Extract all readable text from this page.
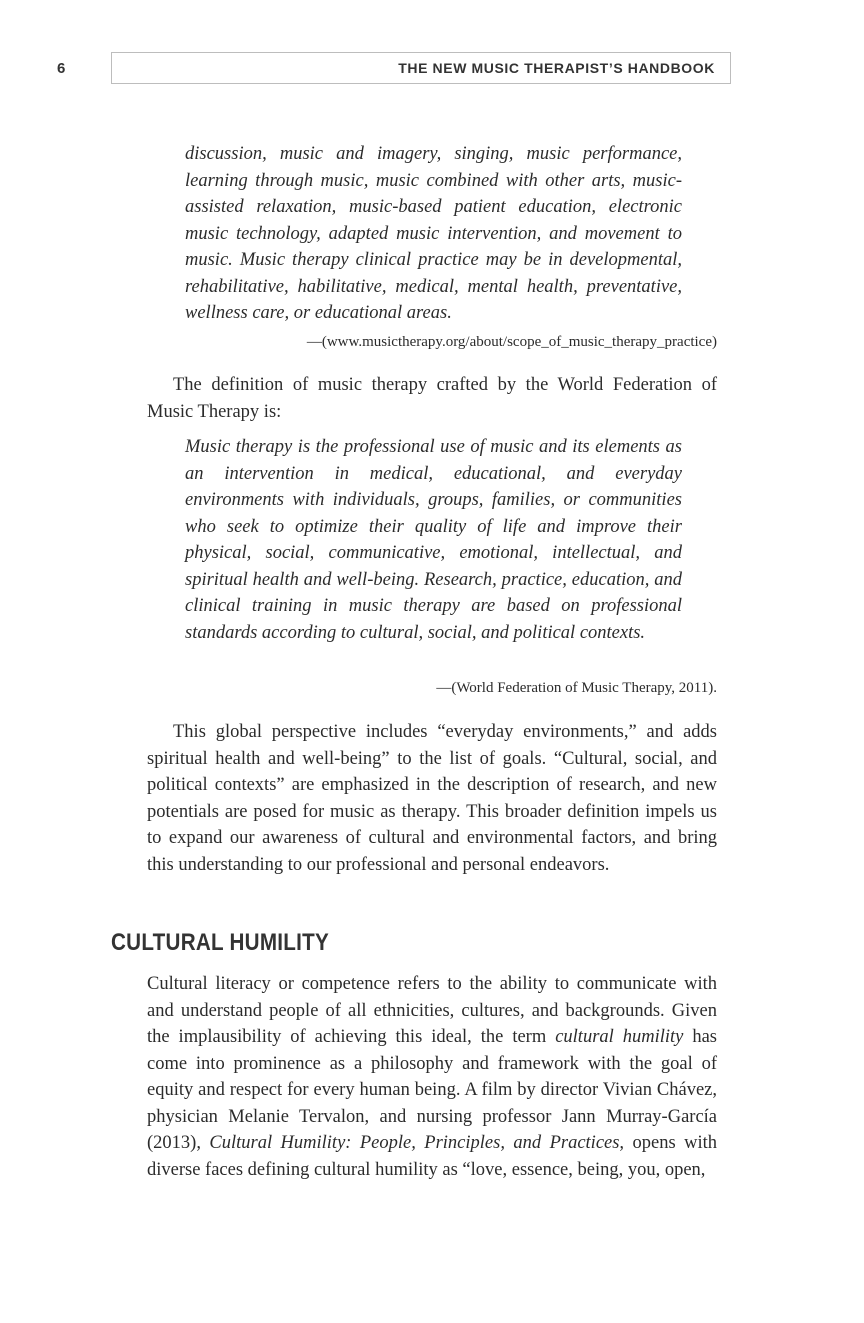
6	THE NEW MUSIC THERAPIST’S HANDBOOK

discussion, music and imagery, singing, music performance, learning through music, music combined with other arts, music-assisted relaxation, music-based patient education, electronic music technology, adapted music intervention, and movement to music. Music therapy clinical practice may be in developmental, rehabilitative, habilitative, medical, mental health, preventative, wellness care, or educational areas.

—(www.musictherapy.org/about/scope_of_music_therapy_practice)

The definition of music therapy crafted by the World Federation of Music Therapy is:

Music therapy is the professional use of music and its elements as an intervention in medical, educational, and everyday environments with individuals, groups, families, or communities who seek to optimize their quality of life and improve their physical, social, communicative, emotional, intellectual, and spiritual health and well-being. Research, practice, education, and clinical training in music therapy are based on professional standards according to cultural, social, and political contexts.

—(World Federation of Music Therapy, 2011).

This global perspective includes “everyday environments,” and adds spiritual health and well-being” to the list of goals. “Cultural, social, and political contexts” are emphasized in the description of research, and new potentials are posed for music as therapy. This broader definition impels us to expand our awareness of cultural and environmental factors, and bring this understanding to our professional and personal endeavors.

CULTURAL HUMILITY

Cultural literacy or competence refers to the ability to communicate with and understand people of all ethnicities, cultures, and backgrounds. Given the implausibility of achieving this ideal, the term cultural humility has come into prominence as a philosophy and framework with the goal of equity and respect for every human being. A film by director Vivian Chávez, physician Melanie Tervalon, and nursing professor Jann Murray-García (2013), Cultural Humility: People, Principles, and Practices, opens with diverse faces defining cultural humility as “love, essence, being, you, open,
